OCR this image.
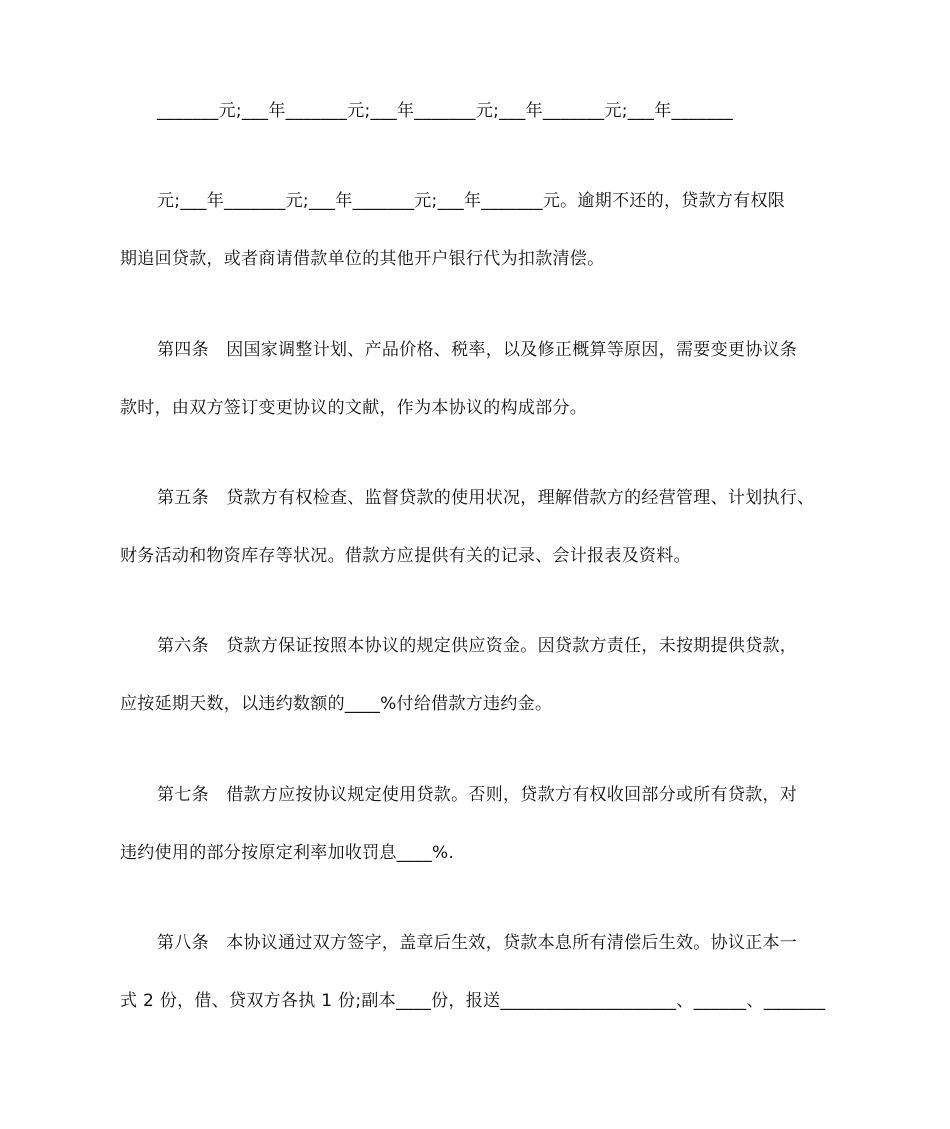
_______元;___年_______元;___年_______元;___年_______元;___年_______
元;___年_______元;___年_______元;___年_______元。逾期不还的，贷款方有权限
期追回贷款，或者商请借款单位的其他开户银行代为扣款清偿。
第四条　因国家调整计划、产品价格、税率，以及修正概算等原因，需要变更协议条
款时，由双方签订变更协议的文献，作为本协议的构成部分。
第五条　贷款方有权检查、监督贷款的使用状况，理解借款方的经营管理、计划执行、
财务活动和物资库存等状况。借款方应提供有关的记录、会计报表及资料。
第六条　贷款方保证按照本协议的规定供应资金。因贷款方责任，未按期提供贷款，
应按延期天数，以违约数额的____%付给借款方违约金。
第七条　借款方应按协议规定使用贷款。否则，贷款方有权收回部分或所有贷款，对
违约使用的部分按原定利率加收罚息____%.
第八条　本协议通过双方签字，盖章后生效，贷款本息所有清偿后生效。协议正本一
式 2 份，借、贷双方各执 1 份;副本____份，报送____________________、______、_______
